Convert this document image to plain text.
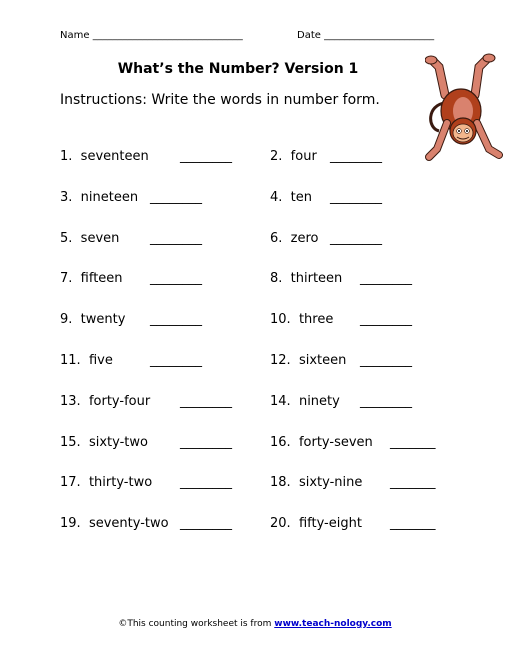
Name ______________________________	Date ______________________
What’s the Number? Version 1
Instructions: Write the words in number form.
1. seventeen ________	2. four ________
3. nineteen ________	4. ten ________
5. seven ________	6. zero ________
7. fifteen ________	8. thirteen ________
9. twenty ________	10. three ________
11. five	________	12. sixteen ________
13. forty-four ________	14. ninety ________
15. sixty-two ________	16. forty-seven _______
17. thirty-two ________	18. sixty-nine _______
19. seventy-two ________	20. fifty-eight _______
©This counting worksheet is from www.teach-nology.com
